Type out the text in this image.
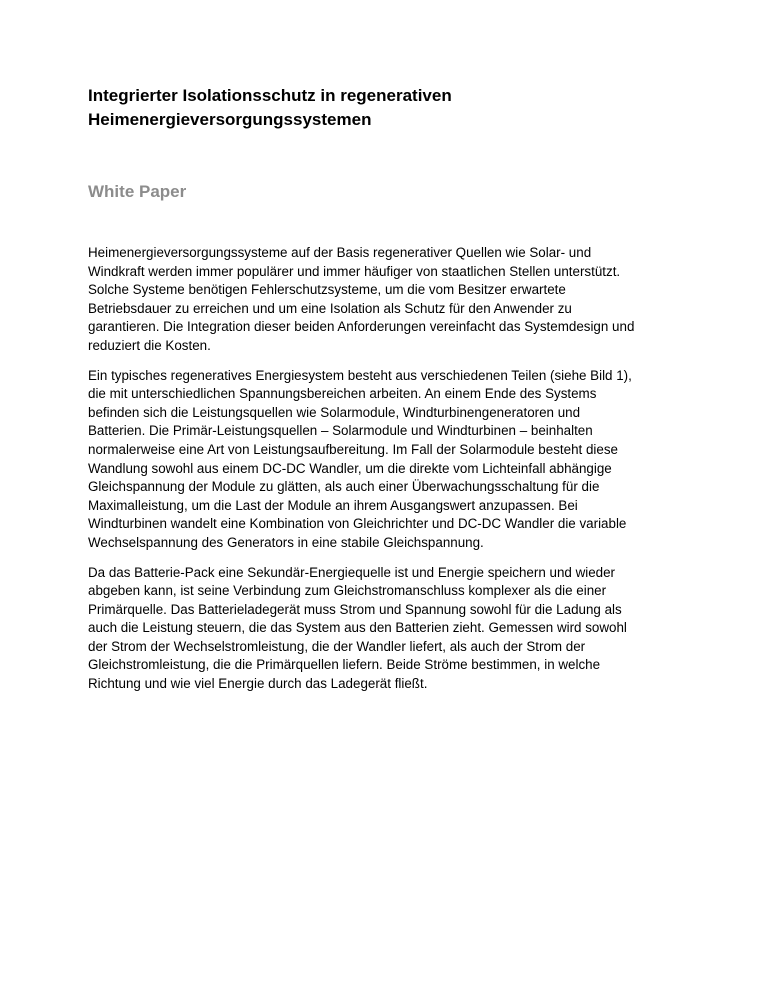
Integrierter Isolationsschutz in regenerativen
Heimenergieversorgungssystemen
White Paper

Heimenergieversorgungssysteme auf der Basis regenerativer Quellen wie Solar- und
Windkraft werden immer populärer und immer häufiger von staatlichen Stellen unterstützt.
Solche Systeme benötigen Fehlerschutzsysteme, um die vom Besitzer erwartete
Betriebsdauer zu erreichen und um eine Isolation als Schutz für den Anwender zu
garantieren. Die Integration dieser beiden Anforderungen vereinfacht das Systemdesign und
reduziert die Kosten.

Ein typisches regeneratives Energiesystem besteht aus verschiedenen Teilen (siehe Bild 1),
die mit unterschiedlichen Spannungsbereichen arbeiten. An einem Ende des Systems
befinden sich die Leistungsquellen wie Solarmodule, Windturbinengeneratoren und
Batterien. Die Primär-Leistungsquellen – Solarmodule und Windturbinen – beinhalten
normalerweise eine Art von Leistungsaufbereitung. Im Fall der Solarmodule besteht diese
Wandlung sowohl aus einem DC-DC Wandler, um die direkte vom Lichteinfall abhängige
Gleichspannung der Module zu glätten, als auch einer Überwachungsschaltung für die
Maximalleistung, um die Last der Module an ihrem Ausgangswert anzupassen. Bei
Windturbinen wandelt eine Kombination von Gleichrichter und DC-DC Wandler die variable
Wechselspannung des Generators in eine stabile Gleichspannung.

Da das Batterie-Pack eine Sekundär-Energiequelle ist und Energie speichern und wieder
abgeben kann, ist seine Verbindung zum Gleichstromanschluss komplexer als die einer
Primärquelle. Das Batterieladegerät muss Strom und Spannung sowohl für die Ladung als
auch die Leistung steuern, die das System aus den Batterien zieht. Gemessen wird sowohl
der Strom der Wechselstromleistung, die der Wandler liefert, als auch der Strom der
Gleichstromleistung, die die Primärquellen liefern. Beide Ströme bestimmen, in welche
Richtung und wie viel Energie durch das Ladegerät fließt.
